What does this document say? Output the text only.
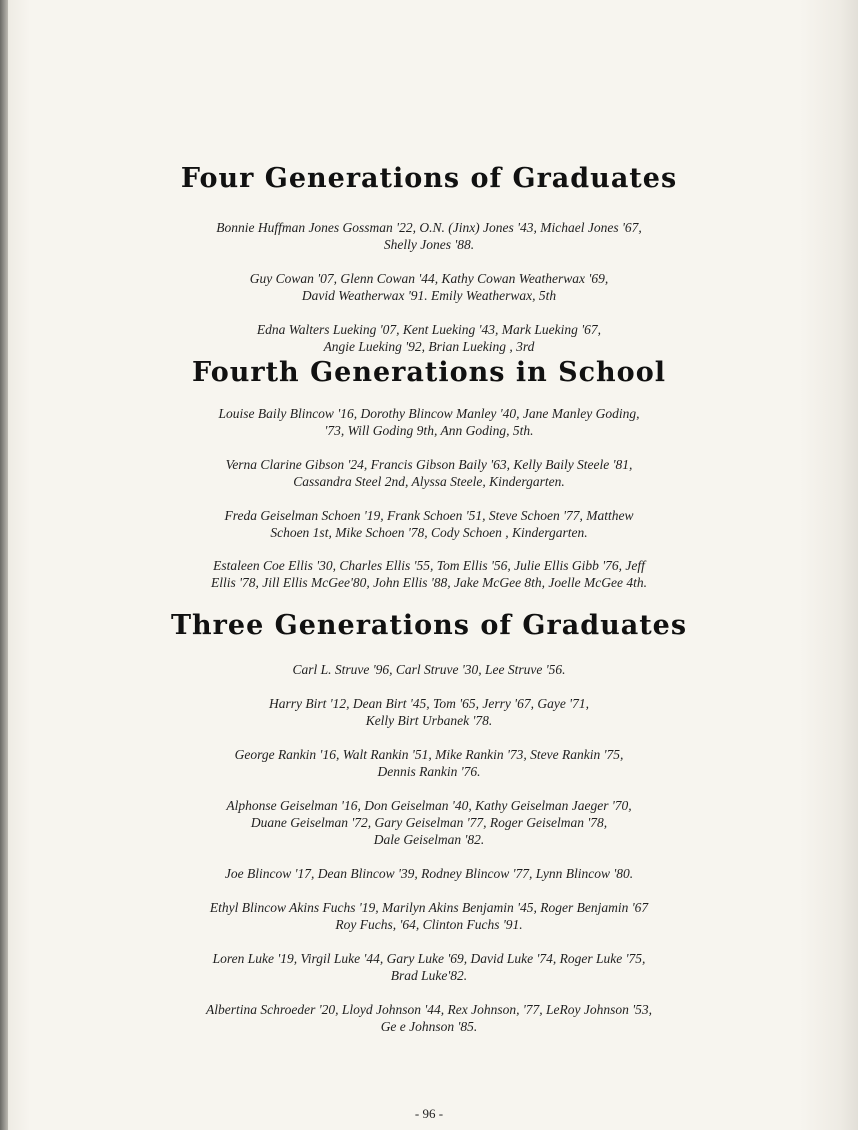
Four Generations of Graduates
Bonnie Huffman Jones Gossman '22, O.N. (Jinx) Jones '43, Michael Jones '67,
Shelly Jones '88.
Guy Cowan '07, Glenn Cowan '44, Kathy Cowan Weatherwax '69,
David Weatherwax '91. Emily Weatherwax, 5th
Edna Walters Lueking '07, Kent Lueking '43, Mark Lueking '67,
Angie Lueking '92, Brian Lueking , 3rd
Fourth Generations in School
Louise Baily Blincow '16, Dorothy Blincow Manley '40, Jane Manley Goding,
'73, Will Goding 9th, Ann Goding, 5th.
Verna Clarine Gibson '24, Francis Gibson Baily '63, Kelly Baily Steele '81,
Cassandra Steel 2nd, Alyssa Steele, Kindergarten.
Freda Geiselman Schoen '19, Frank Schoen '51, Steve Schoen '77, Matthew
Schoen 1st, Mike Schoen '78, Cody Schoen , Kindergarten.
Estaleen Coe Ellis '30, Charles Ellis '55, Tom Ellis '56, Julie Ellis Gibb '76, Jeff
Ellis '78, Jill Ellis McGee'80, John Ellis '88, Jake McGee 8th, Joelle McGee 4th.
Three Generations of Graduates
Carl L. Struve '96, Carl Struve '30, Lee Struve '56.
Harry Birt '12, Dean Birt '45, Tom '65, Jerry '67, Gaye '71,
Kelly Birt Urbanek '78.
George Rankin '16, Walt Rankin '51, Mike Rankin '73, Steve Rankin '75,
Dennis Rankin '76.
Alphonse Geiselman '16, Don Geiselman '40, Kathy Geiselman Jaeger '70,
Duane Geiselman '72, Gary Geiselman '77, Roger Geiselman '78,
Dale Geiselman '82.
Joe Blincow '17, Dean Blincow '39, Rodney Blincow '77, Lynn Blincow '80.
Ethyl Blincow Akins Fuchs '19, Marilyn Akins Benjamin '45, Roger Benjamin '67
Roy Fuchs, '64, Clinton Fuchs '91.
Loren Luke '19, Virgil Luke '44, Gary Luke '69, David Luke '74, Roger Luke '75,
Brad Luke'82.
Albertina Schroeder '20, Lloyd Johnson '44, Rex Johnson, '77, LeRoy Johnson '53,
Ge e Johnson '85.
- 96 -
